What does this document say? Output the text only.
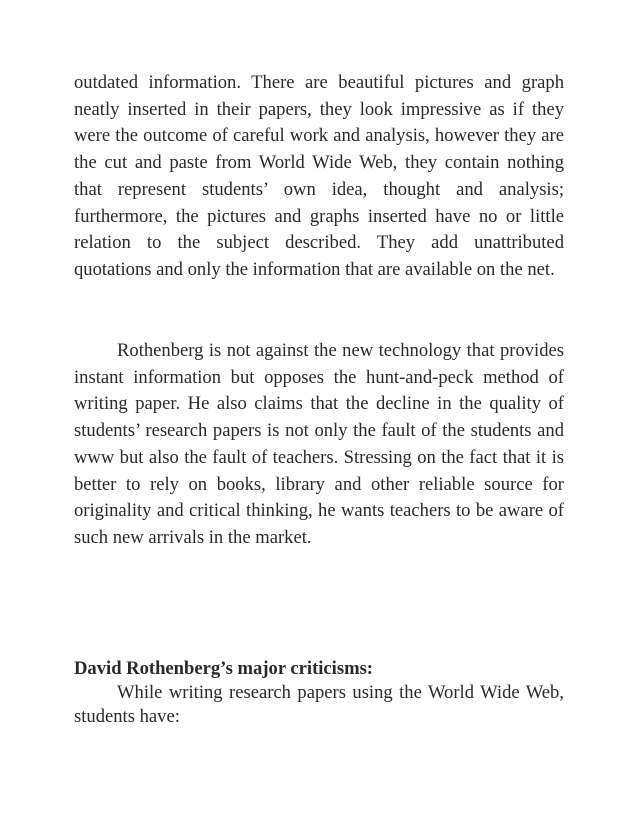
outdated information. There are beautiful pictures and graph neatly inserted in their papers, they look impressive as if they were the outcome of careful work and analysis, however they are the cut and paste from World Wide Web, they contain nothing that represent students’ own idea, thought and analysis; furthermore, the pictures and graphs inserted have no or little relation to the subject described. They add unattributed quotations and only the information that are available on the net.

Rothenberg is not against the new technology that provides instant information but opposes the hunt-and-peck method of writing paper. He also claims that the decline in the quality of students’ research papers is not only the fault of the students and www but also the fault of teachers. Stressing on the fact that it is better to rely on books, library and other reliable source for originality and critical thinking, he wants teachers to be aware of such new arrivals in the market.

David Rothenberg’s major criticisms:

While writing research papers using the World Wide Web, students have:
